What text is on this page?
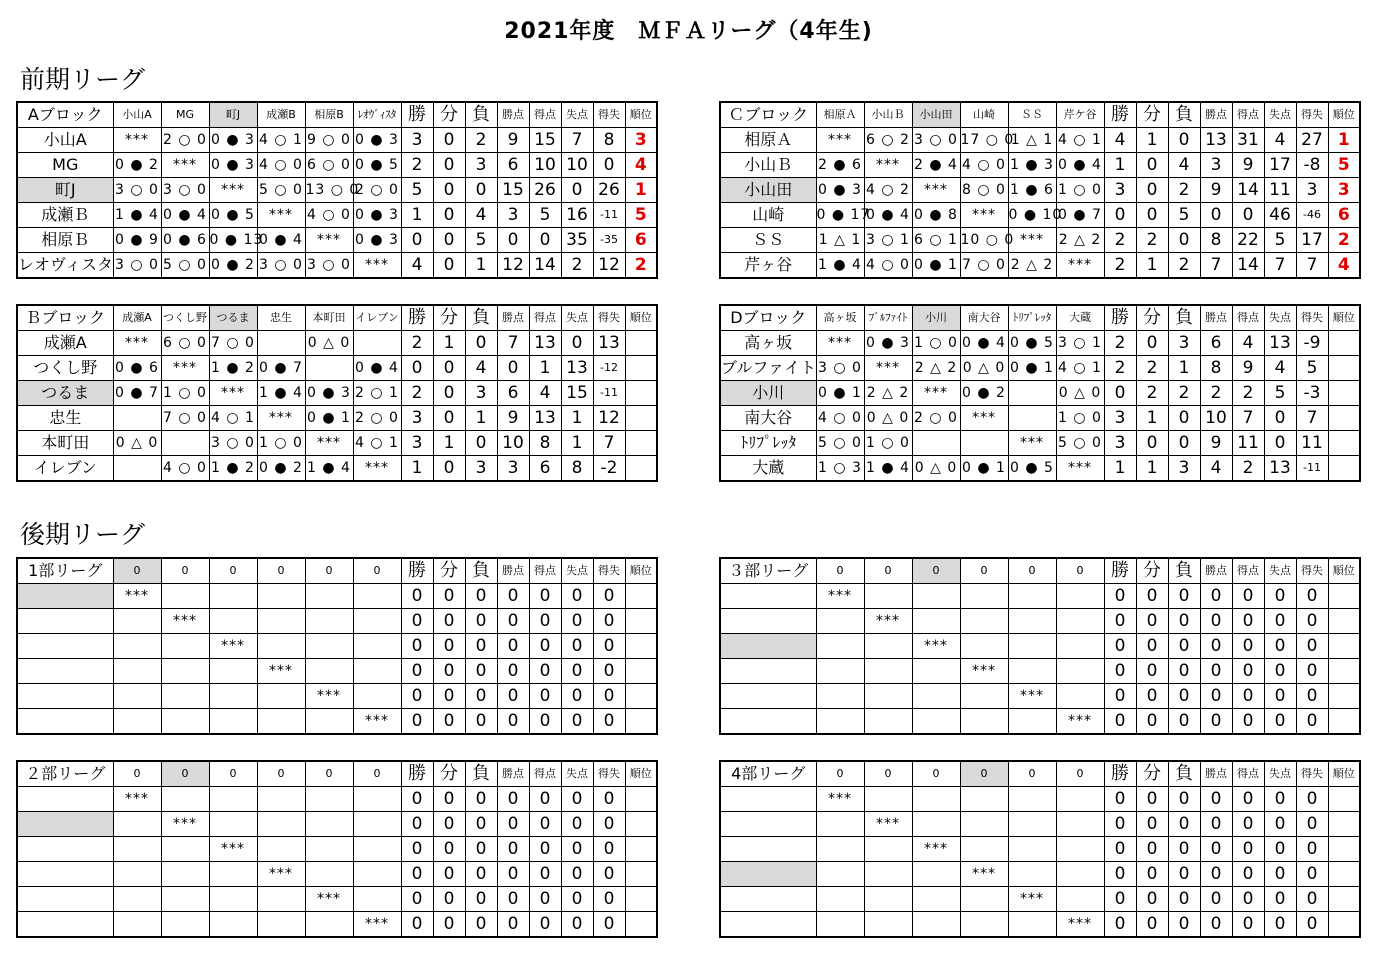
2021年度　ＭＦＡリーグ（4年生)
前期リーグ
後期リーグ
Aブロック	小山A	MG	町J	成瀬B	相原B	ﾚｵｳﾞｨｽﾀ	勝	分	負	勝点	得点	失点	得失	順位
小山A	***	2 ○ 0	0 ● 3	4 ○ 1	9 ○ 0	0 ● 3	3	0	2	9	15	7	8	3
MG	0 ● 2	***	0 ● 3	4 ○ 0	6 ○ 0	0 ● 5	2	0	3	6	10	10	0	4
町J	3 ○ 0	3 ○ 0	***	5 ○ 0	13 ○ 0	2 ○ 0	5	0	0	15	26	0	26	1
成瀬Ｂ	1 ● 4	0 ● 4	0 ● 5	***	4 ○ 0	0 ● 3	1	0	4	3	5	16	-11	5
相原Ｂ	0 ● 9	0 ● 6	0 ● 13	0 ● 4	***	0 ● 3	0	0	5	0	0	35	-35	6
レオヴィスタ	3 ○ 0	5 ○ 0	0 ● 2	3 ○ 0	3 ○ 0	***	4	0	1	12	14	2	12	2
Ｃブロック	相原Ａ	小山Ｂ	小山田	山崎	ＳＳ	芹ケ谷	勝	分	負	勝点	得点	失点	得失	順位
相原Ａ	***	6 ○ 2	3 ○ 0	17 ○ 0	1 △ 1	4 ○ 1	4	1	0	13	31	4	27	1
小山Ｂ	2 ● 6	***	2 ● 4	4 ○ 0	1 ● 3	0 ● 4	1	0	4	3	9	17	-8	5
小山田	0 ● 3	4 ○ 2	***	8 ○ 0	1 ● 6	1 ○ 0	3	0	2	9	14	11	3	3
山崎	0 ● 17	0 ● 4	0 ● 8	***	0 ● 10	0 ● 7	0	0	5	0	0	46	-46	6
ＳＳ	1 △ 1	3 ○ 1	6 ○ 1	10 ○ 0	***	2 △ 2	2	2	0	8	22	5	17	2
芹ヶ谷	1 ● 4	4 ○ 0	0 ● 1	7 ○ 0	2 △ 2	***	2	1	2	7	14	7	7	4
Ｂブロック	成瀬A	つくし野	つるま	忠生	本町田	イレブン	勝	分	負	勝点	得点	失点	得失	順位
成瀬A	***	6 ○ 0	7 ○ 0		0 △ 0		2	1	0	7	13	0	13	
つくし野	0 ● 6	***	1 ● 2	0 ● 7		0 ● 4	0	0	4	0	1	13	-12	
つるま	0 ● 7	1 ○ 0	***	1 ● 4	0 ● 3	2 ○ 1	2	0	3	6	4	15	-11	
忠生		7 ○ 0	4 ○ 1	***	0 ● 1	2 ○ 0	3	0	1	9	13	1	12	
本町田	0 △ 0		3 ○ 0	1 ○ 0	***	4 ○ 1	3	1	0	10	8	1	7	
イレブン		4 ○ 0	1 ● 2	0 ● 2	1 ● 4	***	1	0	3	3	6	8	-2	
Dブロック	高ヶ坂	ﾌﾞﾙﾌｧｲﾄ	小川	南大谷	ﾄﾘﾌﾟﾚｯﾀ	大蔵	勝	分	負	勝点	得点	失点	得失	順位
高ヶ坂	***	0 ● 3	1 ○ 0	0 ● 4	0 ● 5	3 ○ 1	2	0	3	6	4	13	-9	
ブルファイト	3 ○ 0	***	2 △ 2	0 △ 0	0 ● 1	4 ○ 1	2	2	1	8	9	4	5	
小川	0 ● 1	2 △ 2	***	0 ● 2		0 △ 0	0	2	2	2	2	5	-3	
南大谷	4 ○ 0	0 △ 0	2 ○ 0	***		1 ○ 0	3	1	0	10	7	0	7	
ﾄﾘﾌﾟﾚｯﾀ	5 ○ 0	1 ○ 0			***	5 ○ 0	3	0	0	9	11	0	11	
大蔵	1 ○ 3	1 ● 4	0 △ 0	0 ● 1	0 ● 5	***	1	1	3	4	2	13	-11	
1部リーグ	0	0	0	0	0	0	勝	分	負	勝点	得点	失点	得失	順位
	***						0	0	0	0	0	0	0	
		***					0	0	0	0	0	0	0	
			***				0	0	0	0	0	0	0	
				***			0	0	0	0	0	0	0	
					***		0	0	0	0	0	0	0	
						***	0	0	0	0	0	0	0	
３部リーグ	0	0	0	0	0	0	勝	分	負	勝点	得点	失点	得失	順位
	***						0	0	0	0	0	0	0	
		***					0	0	0	0	0	0	0	
			***				0	0	0	0	0	0	0	
				***			0	0	0	0	0	0	0	
					***		0	0	0	0	0	0	0	
						***	0	0	0	0	0	0	0	
２部リーグ	0	0	0	0	0	0	勝	分	負	勝点	得点	失点	得失	順位
	***						0	0	0	0	0	0	0	
		***					0	0	0	0	0	0	0	
			***				0	0	0	0	0	0	0	
				***			0	0	0	0	0	0	0	
					***		0	0	0	0	0	0	0	
						***	0	0	0	0	0	0	0	
4部リーグ	0	0	0	0	0	0	勝	分	負	勝点	得点	失点	得失	順位
	***						0	0	0	0	0	0	0	
		***					0	0	0	0	0	0	0	
			***				0	0	0	0	0	0	0	
				***			0	0	0	0	0	0	0	
					***		0	0	0	0	0	0	0	
						***	0	0	0	0	0	0	0	
